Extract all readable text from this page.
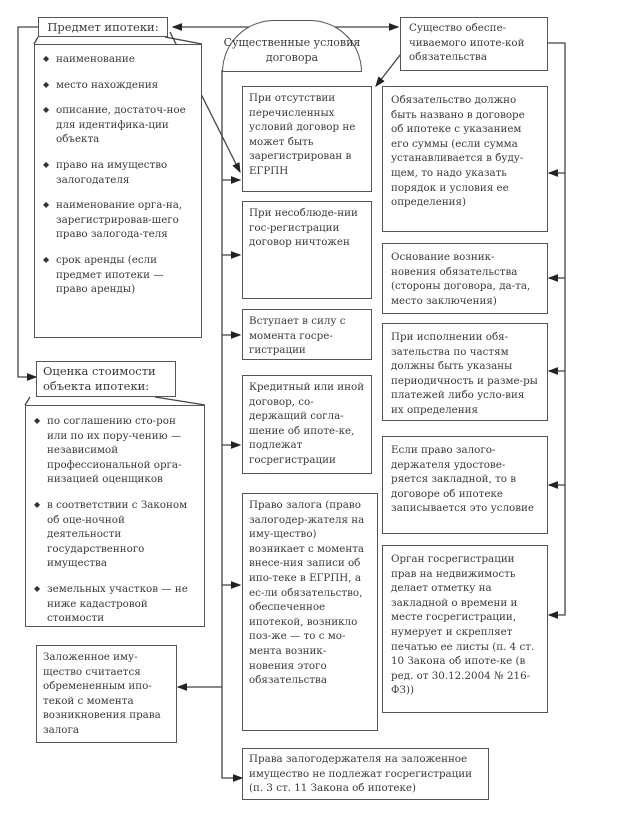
Предмет ипотеки:
◆ наименование
◆ место нахождения
◆ описание, достаточ-ное для идентифика-ции объекта
◆ право на имущество залогодателя
◆ наименование орга-на, зарегистрировав-шего право залогода-теля
◆ срок аренды (если предмет ипотеки — право аренды)
Оценка стоимости объекта ипотеки:
◆ по соглашению сто-рон или по их пору-чению — независимой профессиональной орга-низацией оценщиков
◆ в соответствии с Законом об оце-ночной деятельности государственного имущества
◆ земельных участков — не ниже кадастровой стоимости
Заложенное иму-щество считается обремененным ипо-текой с момента возникновения права залога
Существенные условия договора
При отсутствии перечисленных условий договор не может быть зарегистрирован в ЕГРПН
При несоблюде-нии гос-регистрации договор ничтожен
Вступает в силу с момента госре-гистрации
Кредитный или иной договор, со-держащий согла-шение об ипоте-ке, подлежат госрегистрации
Право залога (право залогодер-жателя на иму-щество) возникает с момента внесе-ния записи об ипо-теке в ЕГРПН, а ес-ли обязательство, обеспеченное ипотекой, возникло поз-же — то с мо-мента возник-новения этого обязательства
Права залогодержателя на заложенное имущество не подлежат госрегистрации (п. 3 ст. 11 Закона об ипотеке)
Существо обеспе-чиваемого ипоте-кой обязательства
Обязательство должно быть названо в договоре об ипотеке с указанием его суммы (если сумма устанавливается в буду-щем, то надо указать порядок и условия ее определения)
Основание возник-новения обязательства (стороны договора, да-та, место заключения)
При исполнении обя-зательства по частям должны быть указаны периодичность и разме-ры платежей либо усло-вия их определения
Если право залого-держателя удостове-ряется закладной, то в договоре об ипотеке записывается это условие
Орган госрегистрации прав на недвижимость делает отметку на закладной о времени и месте госрегистрации, нумерует и скрепляет печатью ее листы (п. 4 ст. 10 Закона об ипоте-ке (в ред. от 30.12.2004 № 216-ФЗ))
